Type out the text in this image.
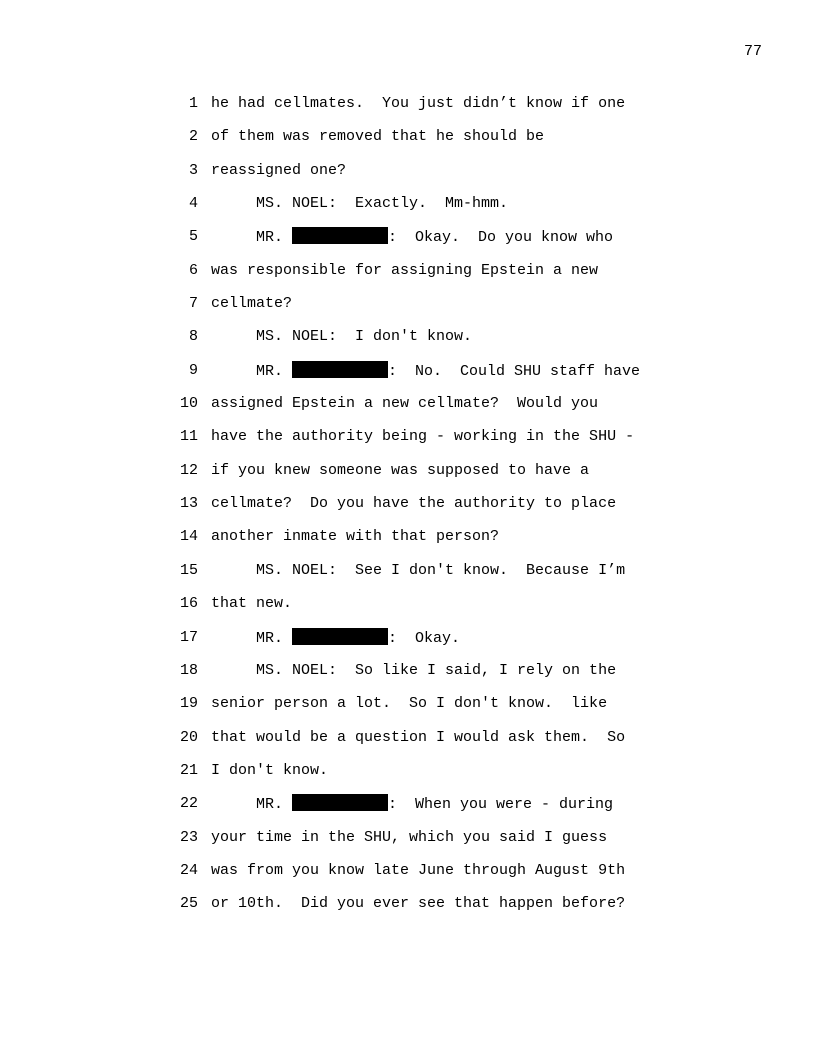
77
1 he had cellmates.  You just didn’t know if one
2 of them was removed that he should be
3 reassigned one?
4 MS. NOEL:  Exactly.  Mm-hmm.
5 MR.	:  Okay.  Do you know who
6 was responsible for assigning Epstein a new
7 cellmate?
8 MS. NOEL:  I don't know.
9 MR.	:  No.  Could SHU staff have
10 assigned Epstein a new cellmate?  Would you
11 have the authority being - working in the SHU -
12 if you knew someone was supposed to have a
13 cellmate?  Do you have the authority to place
14 another inmate with that person?
15 MS. NOEL:  See I don't know.  Because I’m
16 that new.
17 MR.	:  Okay.
18 MS. NOEL:  So like I said, I rely on the
19 senior person a lot.  So I don't know.  like
20 that would be a question I would ask them.  So
21 I don't know.
22 MR.	:  When you were - during
23 your time in the SHU, which you said I guess
24 was from you know late June through August 9th
25 or 10th.  Did you ever see that happen before?
